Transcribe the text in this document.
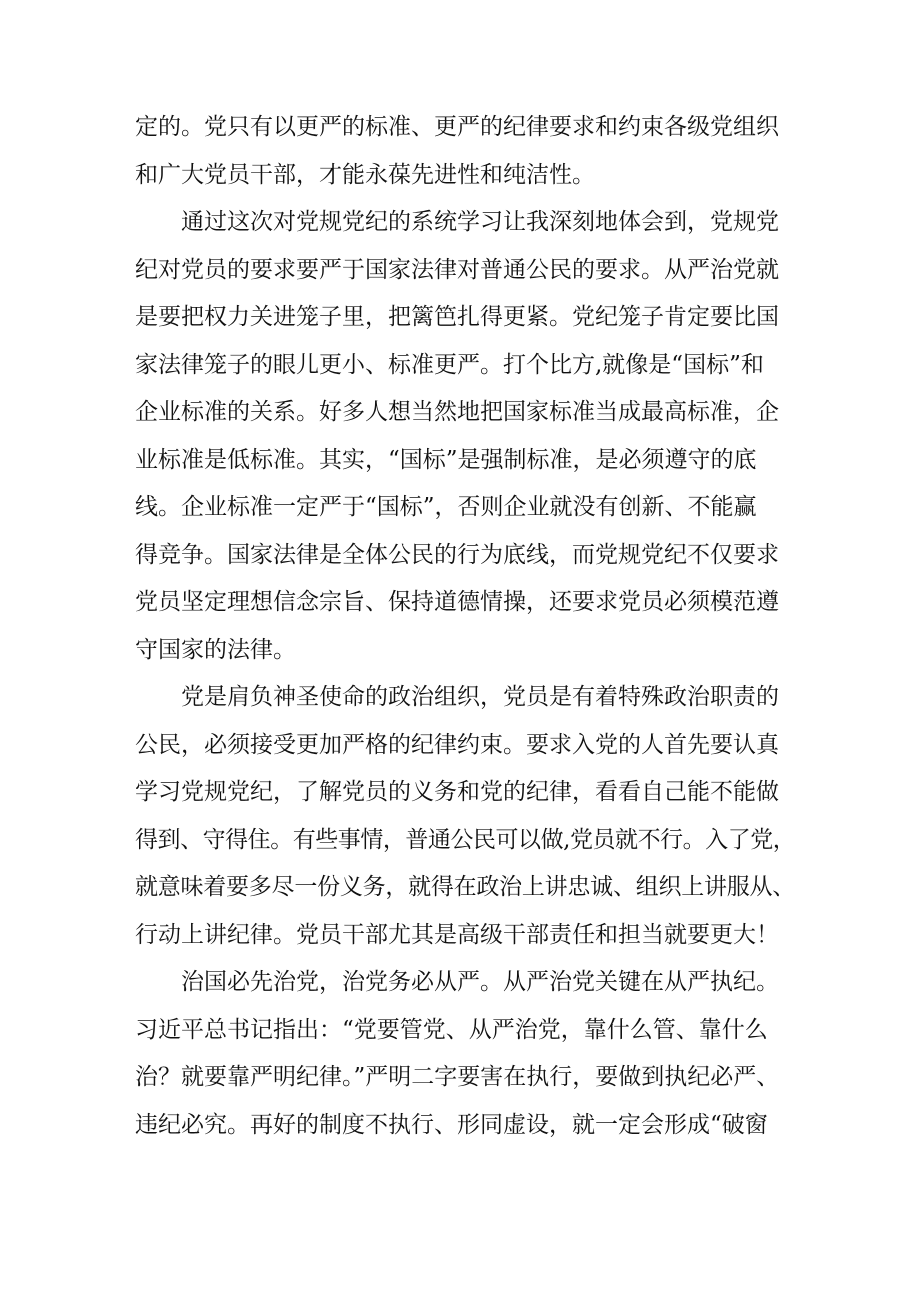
定的。党只有以更严的标准、更严的纪律要求和约束各级党组织
和广大党员干部，才能永葆先进性和纯洁性。
通过这次对党规党纪的系统学习让我深刻地体会到，党规党
纪对党员的要求要严于国家法律对普通公民的要求。从严治党就
是要把权力关进笼子里，把篱笆扎得更紧。党纪笼子肯定要比国
家法律笼子的眼儿更小、标准更严。打个比方,就像是“国标”和
企业标准的关系。好多人想当然地把国家标准当成最高标准，企
业标准是低标准。其实，“国标”是强制标准，是必须遵守的底
线。企业标准一定严于“国标”，否则企业就没有创新、不能赢
得竞争。国家法律是全体公民的行为底线，而党规党纪不仅要求
党员坚定理想信念宗旨、保持道德情操，还要求党员必须模范遵
守国家的法律。
党是肩负神圣使命的政治组织，党员是有着特殊政治职责的
公民，必须接受更加严格的纪律约束。要求入党的人首先要认真
学习党规党纪，了解党员的义务和党的纪律，看看自己能不能做
得到、守得住。有些事情，普通公民可以做,党员就不行。入了党，
就意味着要多尽一份义务，就得在政治上讲忠诚、组织上讲服从、
行动上讲纪律。党员干部尤其是高级干部责任和担当就要更大！
治国必先治党，治党务必从严。从严治党关键在从严执纪。
习近平总书记指出：“党要管党、从严治党，靠什么管、靠什么
治？就要靠严明纪律。”严明二字要害在执行，要做到执纪必严、
违纪必究。再好的制度不执行、形同虚设，就一定会形成“破窗
